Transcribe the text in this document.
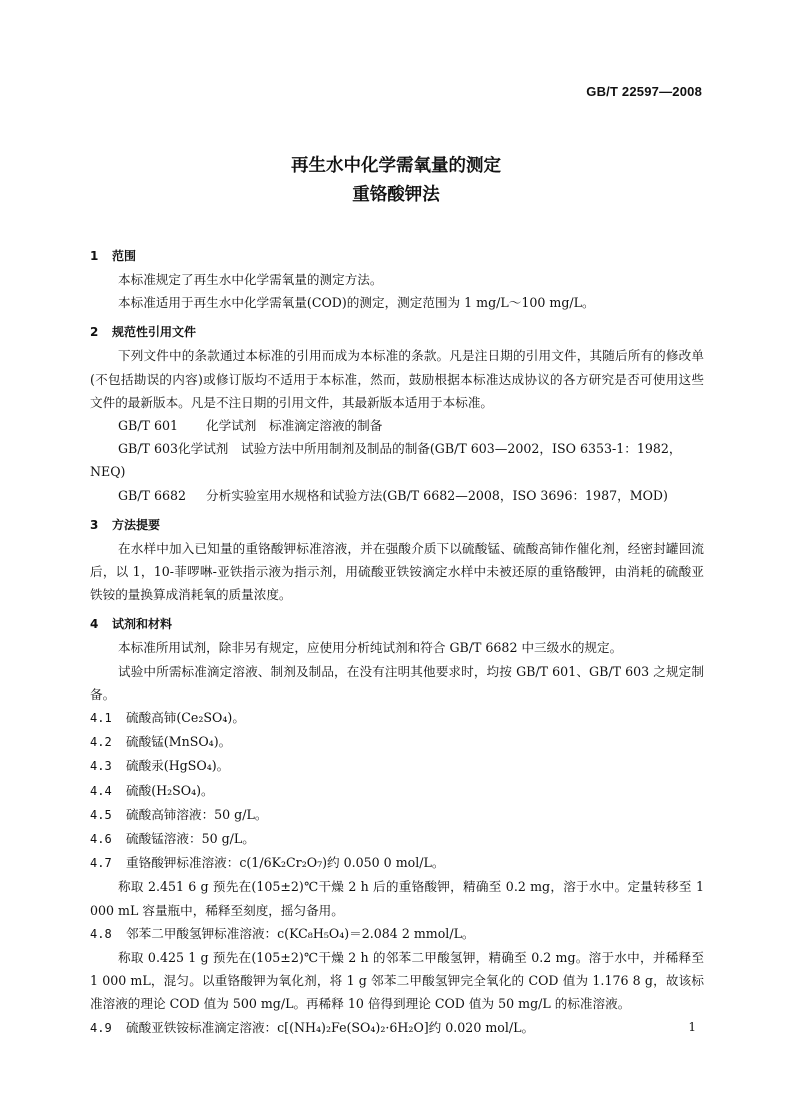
GB/T 22597—2008
再生水中化学需氧量的测定
重铬酸钾法
1 范围

本标准规定了再生水中化学需氧量的测定方法。

本标准适用于再生水中化学需氧量(COD)的测定，测定范围为 1 mg/L～100 mg/L。

2 规范性引用文件

下列文件中的条款通过本标准的引用而成为本标准的条款。凡是注日期的引用文件，其随后所有的修改单(不包括勘误的内容)或修订版均不适用于本标准，然而，鼓励根据本标准达成协议的各方研究是否可使用这些文件的最新版本。凡是不注日期的引用文件，其最新版本适用于本标准。

GB/T 601 化学试剂　标准滴定溶液的制备

GB/T 603化学试剂　试验方法中所用制剂及制品的制备(GB/T 603—2002，ISO 6353-1：1982，NEQ)

GB/T 6682 分析实验室用水规格和试验方法(GB/T 6682—2008，ISO 3696：1987，MOD)

3 方法提要

在水样中加入已知量的重铬酸钾标准溶液，并在强酸介质下以硫酸锰、硫酸高铈作催化剂，经密封罐回流后，以 1，10-菲啰啉-亚铁指示液为指示剂，用硫酸亚铁铵滴定水样中未被还原的重铬酸钾，由消耗的硫酸亚铁铵的量换算成消耗氧的质量浓度。

4 试剂和材料

本标准所用试剂，除非另有规定，应使用分析纯试剂和符合 GB/T 6682 中三级水的规定。

试验中所需标准滴定溶液、制剂及制品，在没有注明其他要求时，均按 GB/T 601、GB/T 603 之规定制备。

4.1 硫酸高铈(Ce₂SO₄)。

4.2 硫酸锰(MnSO₄)。

4.3 硫酸汞(HgSO₄)。

4.4 硫酸(H₂SO₄)。

4.5 硫酸高铈溶液：50 g/L。

4.6 硫酸锰溶液：50 g/L。

4.7 重铬酸钾标准溶液：c(1/6K₂Cr₂O₇)约 0.050 0 mol/L。

称取 2.451 6 g 预先在(105±2)℃干燥 2 h 后的重铬酸钾，精确至 0.2 mg，溶于水中。定量转移至 1 000 mL 容量瓶中，稀释至刻度，摇匀备用。

4.8 邻苯二甲酸氢钾标准溶液：c(KC₈H₅O₄)＝2.084 2 mmol/L。

称取 0.425 1 g 预先在(105±2)℃干燥 2 h 的邻苯二甲酸氢钾，精确至 0.2 mg。溶于水中，并稀释至 1 000 mL，混匀。以重铬酸钾为氧化剂，将 1 g 邻苯二甲酸氢钾完全氧化的 COD 值为 1.176 8 g，故该标准溶液的理论 COD 值为 500 mg/L。再稀释 10 倍得到理论 COD 值为 50 mg/L 的标准溶液。

4.9 硫酸亚铁铵标准滴定溶液：c[(NH₄)₂Fe(SO₄)₂·6H₂O]约 0.020 mol/L。	1
